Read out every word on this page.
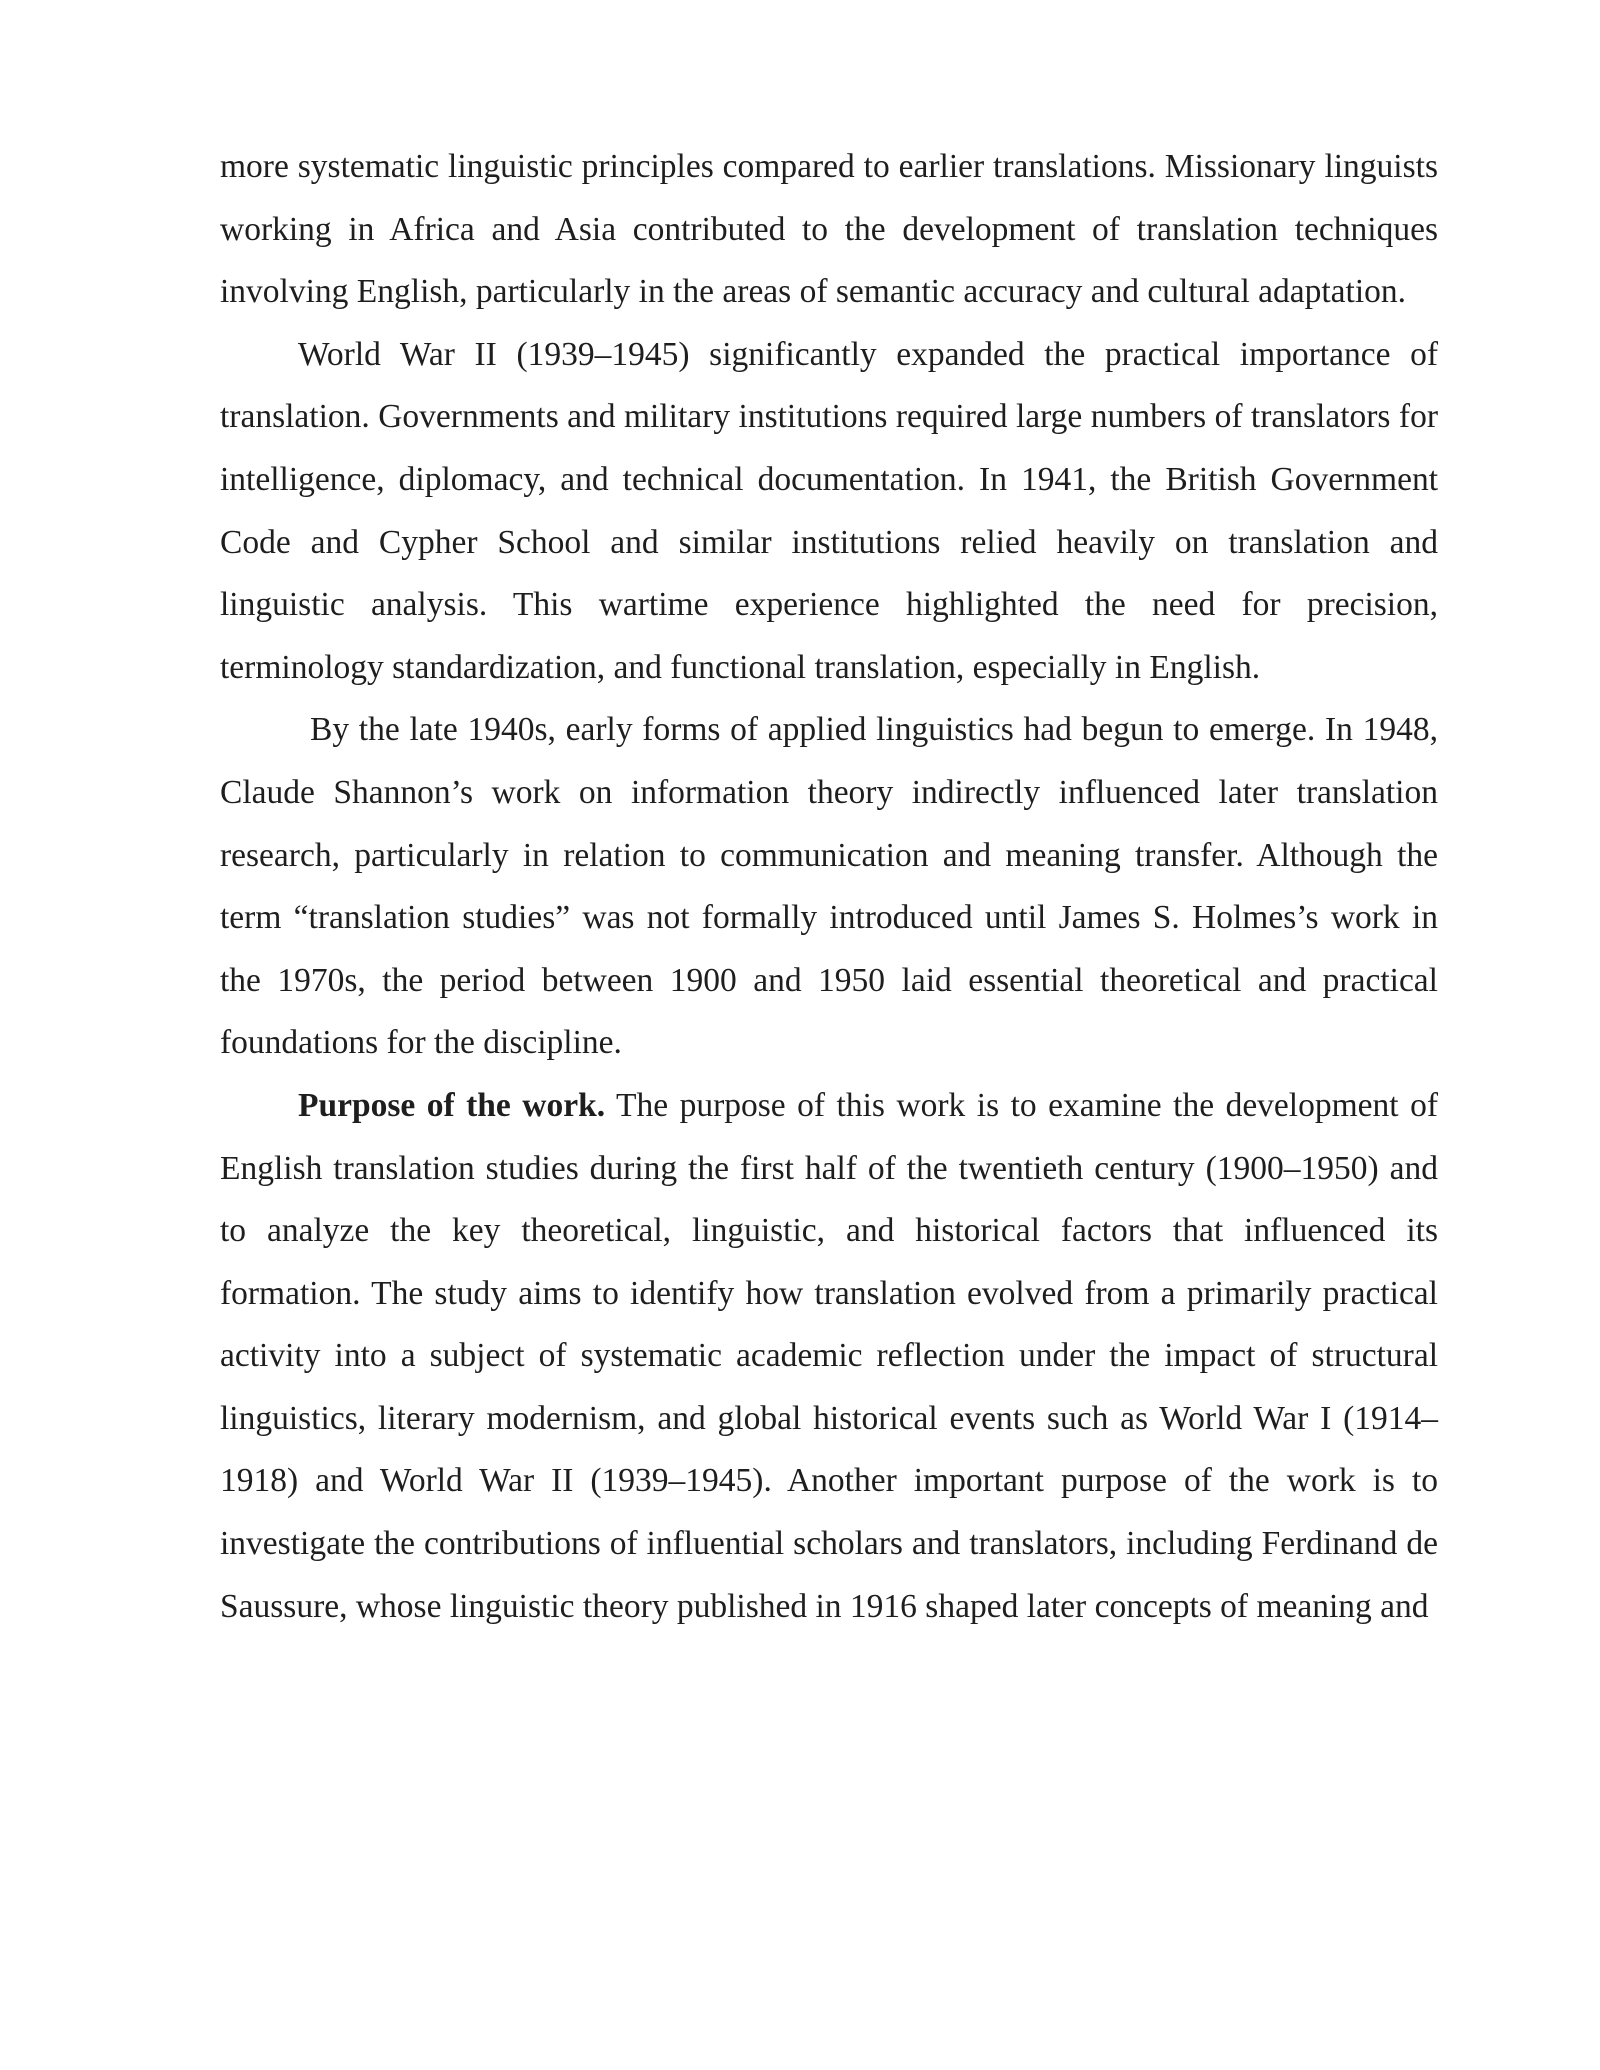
more systematic linguistic principles compared to earlier translations. Missionary linguists working in Africa and Asia contributed to the development of translation techniques involving English, particularly in the areas of semantic accuracy and cultural adaptation.

World War II (1939–1945) significantly expanded the practical importance of translation. Governments and military institutions required large numbers of translators for intelligence, diplomacy, and technical documentation. In 1941, the British Government Code and Cypher School and similar institutions relied heavily on translation and linguistic analysis. This wartime experience highlighted the need for precision, terminology standardization, and functional translation, especially in English.

By the late 1940s, early forms of applied linguistics had begun to emerge. In 1948, Claude Shannon’s work on information theory indirectly influenced later translation research, particularly in relation to communication and meaning transfer. Although the term “translation studies” was not formally introduced until James S. Holmes’s work in the 1970s, the period between 1900 and 1950 laid essential theoretical and practical foundations for the discipline.

Purpose of the work. The purpose of this work is to examine the development of English translation studies during the first half of the twentieth century (1900–1950) and to analyze the key theoretical, linguistic, and historical factors that influenced its formation. The study aims to identify how translation evolved from a primarily practical activity into a subject of systematic academic reflection under the impact of structural linguistics, literary modernism, and global historical events such as World War I (1914–1918) and World War II (1939–1945). Another important purpose of the work is to investigate the contributions of influential scholars and translators, including Ferdinand de Saussure, whose linguistic theory published in 1916 shaped later concepts of meaning and
